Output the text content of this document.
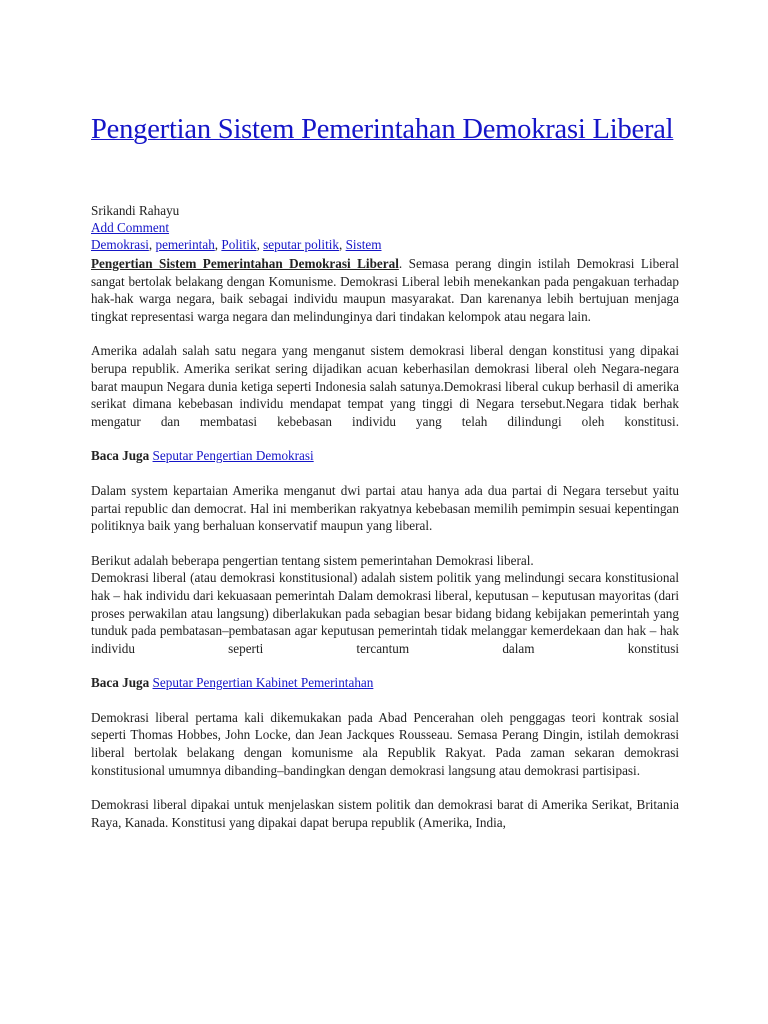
Pengertian Sistem Pemerintahan Demokrasi Liberal
Srikandi Rahayu
Add Comment
Demokrasi, pemerintah, Politik, seputar politik, Sistem

Pengertian Sistem Pemerintahan Demokrasi Liberal. Semasa perang dingin istilah Demokrasi Liberal sangat bertolak belakang dengan Komunisme. Demokrasi Liberal lebih menekankan pada pengakuan terhadap hak-hak warga negara, baik sebagai individu maupun masyarakat. Dan karenanya lebih bertujuan menjaga tingkat representasi warga negara dan melindunginya dari tindakan kelompok atau negara lain.

Amerika adalah salah satu negara yang menganut sistem demokrasi liberal dengan konstitusi yang dipakai berupa republik. Amerika serikat sering dijadikan acuan keberhasilan demokrasi liberal oleh Negara-negara barat maupun Negara dunia ketiga seperti Indonesia salah satunya.Demokrasi liberal cukup berhasil di amerika serikat dimana kebebasan individu mendapat tempat yang tinggi di Negara tersebut.Negara tidak berhak mengatur dan membatasi kebebasan individu yang telah dilindungi oleh konstitusi.

Baca Juga Seputar Pengertian Demokrasi

Dalam system kepartaian Amerika menganut dwi partai atau hanya ada dua partai di Negara tersebut yaitu partai republic dan democrat. Hal ini memberikan rakyatnya kebebasan memilih pemimpin sesuai kepentingan politiknya baik yang berhaluan konservatif maupun yang liberal.

Berikut adalah beberapa pengertian tentang sistem pemerintahan Demokrasi liberal.

Demokrasi liberal (atau demokrasi konstitusional) adalah sistem politik yang melindungi secara konstitusional hak – hak individu dari kekuasaan pemerintah Dalam demokrasi liberal, keputusan – keputusan mayoritas (dari proses perwakilan atau langsung) diberlakukan pada sebagian besar bidang bidang kebijakan pemerintah yang tunduk pada pembatasan–pembatasan agar keputusan pemerintah tidak melanggar kemerdekaan dan hak – hak individu seperti tercantum dalam konstitusi

Baca Juga Seputar Pengertian Kabinet Pemerintahan

Demokrasi liberal pertama kali dikemukakan pada Abad Pencerahan oleh penggagas teori kontrak sosial seperti Thomas Hobbes, John Locke, dan Jean Jackques Rousseau. Semasa Perang Dingin, istilah demokrasi liberal bertolak belakang dengan komunisme ala Republik Rakyat. Pada zaman sekaran demokrasi konstitusional umumnya dibanding–bandingkan dengan demokrasi langsung atau demokrasi partisipasi.

Demokrasi liberal dipakai untuk menjelaskan sistem politik dan demokrasi barat di Amerika Serikat, Britania Raya, Kanada. Konstitusi yang dipakai dapat berupa republik (Amerika, India,
